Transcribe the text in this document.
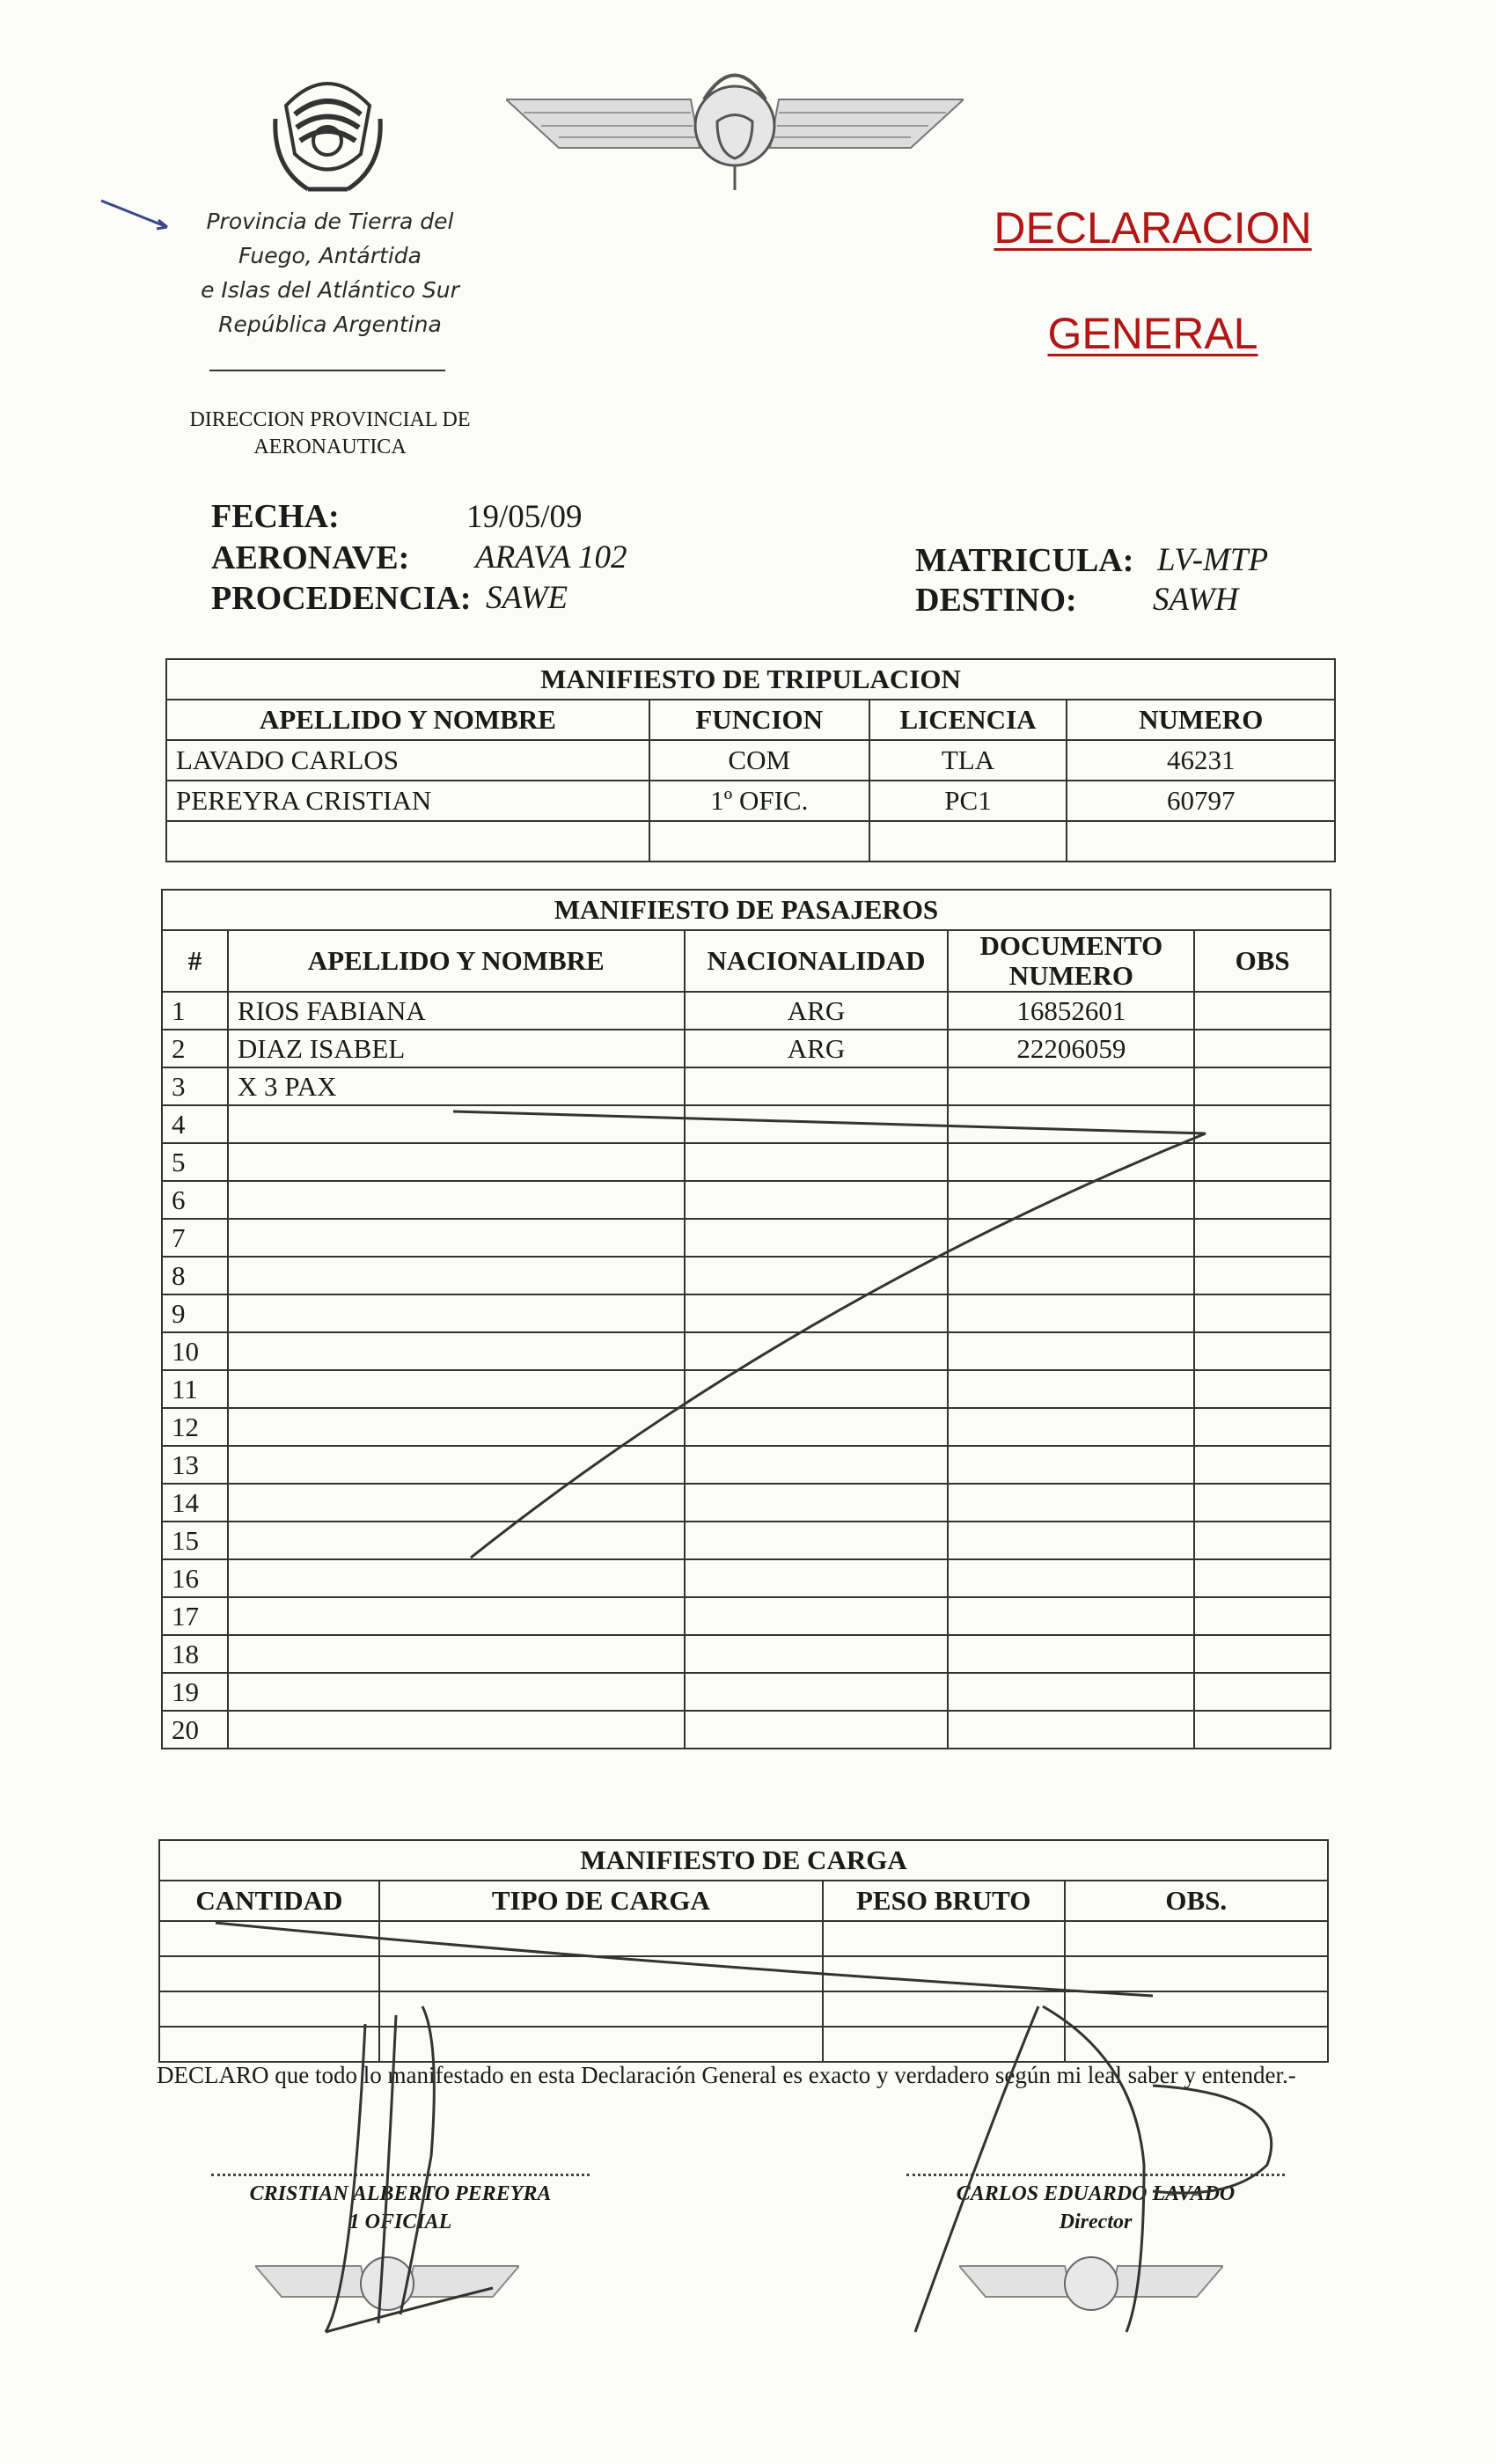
Provincia de Tierra del
Fuego, Antártida
e Islas del Atlántico Sur
República Argentina
DIRECCION PROVINCIAL DE
AERONAUTICA
DECLARACION
GENERAL
FECHA:	19/05/09
AERONAVE: ARAVA 102
PROCEDENCIA: SAWE
MATRICULA: LV-MTP
DESTINO: SAWH
MANIFIESTO DE TRIPULACION			
APELLIDO Y NOMBRE	FUNCION	LICENCIA	NUMERO
LAVADO CARLOS	COM	TLA	46231
PEREYRA CRISTIAN	1º OFIC.	PC1	60797

MANIFIESTO DE PASAJEROS				
#	APELLIDO Y NOMBRE	NACIONALIDAD	DOCUMENTO NUMERO	OBS
1	RIOS FABIANA	ARG	16852601	
2	DIAZ ISABEL	ARG	22206059	
3	X 3 PAX			
4				
5				
6				
7				
8				
9				
10				
11				
12				
13				
14				
15				
16				
17				
18				
19				
20				
MANIFIESTO DE CARGA			
CANTIDAD	TIPO DE CARGA	PESO BRUTO	OBS.

DECLARO que todo lo manifestado en esta Declaración General es exacto y verdadero según mi leal saber y entender.-
CRISTIAN ALBERTO PEREYRA
1 OFICIAL
CARLOS EDUARDO LAVADO
Director
